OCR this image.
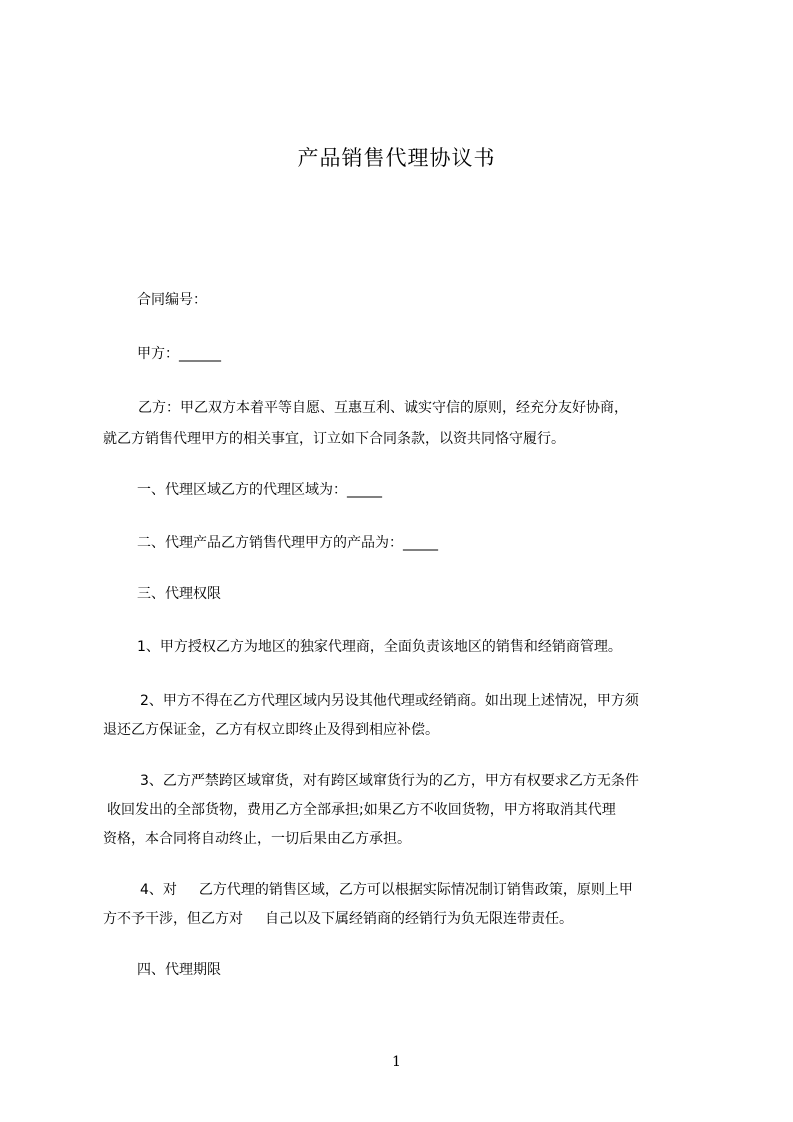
产品销售代理协议书
合同编号：
甲方：______
乙方：甲乙双方本着平等自愿、互惠互利、诚实守信的原则，经充分友好协商，
就乙方销售代理甲方的相关事宜，订立如下合同条款，以资共同恪守履行。
一、代理区域乙方的代理区域为：_____
二、代理产品乙方销售代理甲方的产品为：_____
三、代理权限
1、甲方授权乙方为地区的独家代理商，全面负责该地区的销售和经销商管理。
2、甲方不得在乙方代理区域内另设其他代理或经销商。如出现上述情况，甲方须
退还乙方保证金，乙方有权立即终止及得到相应补偿。
3、乙方严禁跨区域窜货，对有跨区域窜货行为的乙方，甲方有权要求乙方无条件
收回发出的全部货物，费用乙方全部承担;如果乙方不收回货物，甲方将取消其代理
资格，本合同将自动终止，一切后果由乙方承担。
4、对 乙方代理的销售区域，乙方可以根据实际情况制订销售政策，原则上甲
方不予干涉，但乙方对 自己以及下属经销商的经销行为负无限连带责任。
四、代理期限
1
